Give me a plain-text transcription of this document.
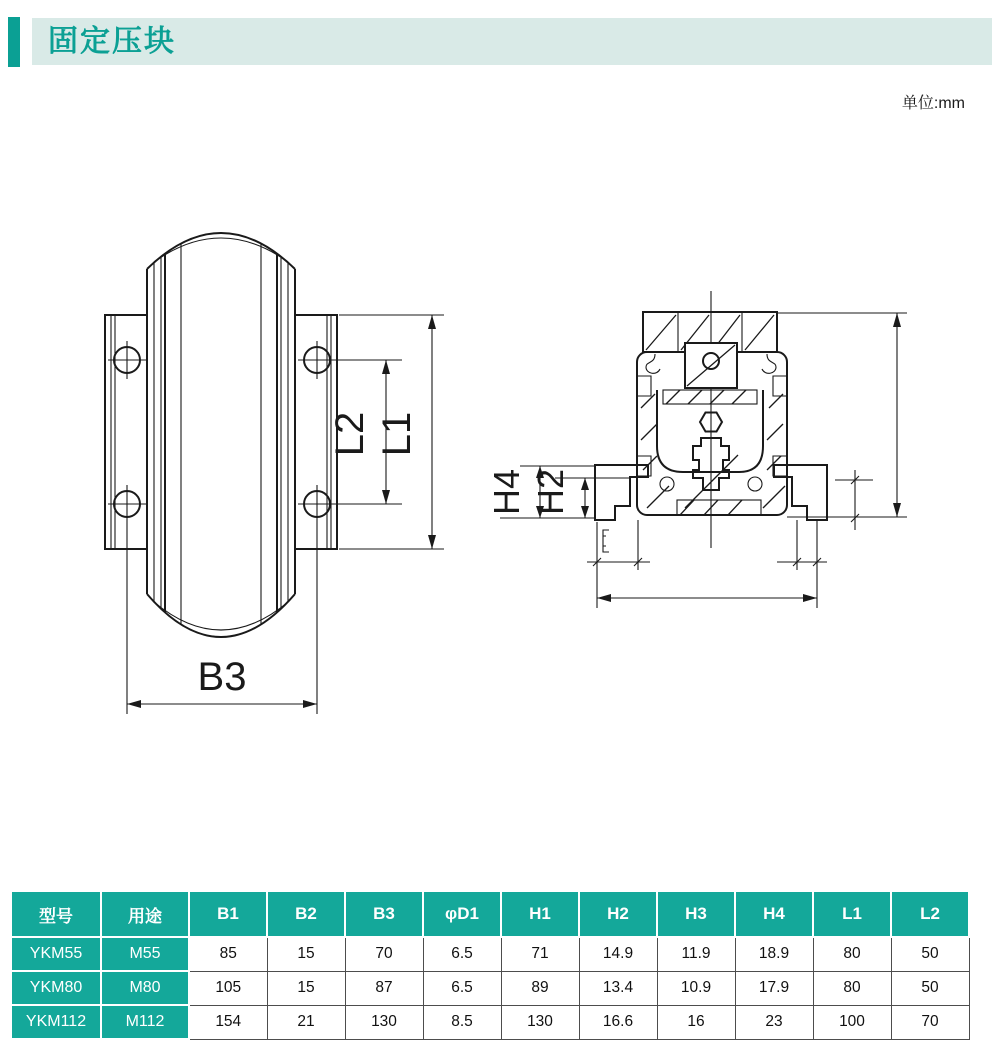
固定压块
单位:mm
B3
L2 L1
H4 H2
型号	用途	B1	B2	B3	φD1	H1	H2	H3	H4	L1	L2
YKM55	M55	85	15	70	6.5	71	14.9	11.9	18.9	80	50
YKM80	M80	105	15	87	6.5	89	13.4	10.9	17.9	80	50
YKM112	M112	154	21	130	8.5	130	16.6	16	23	100	70
